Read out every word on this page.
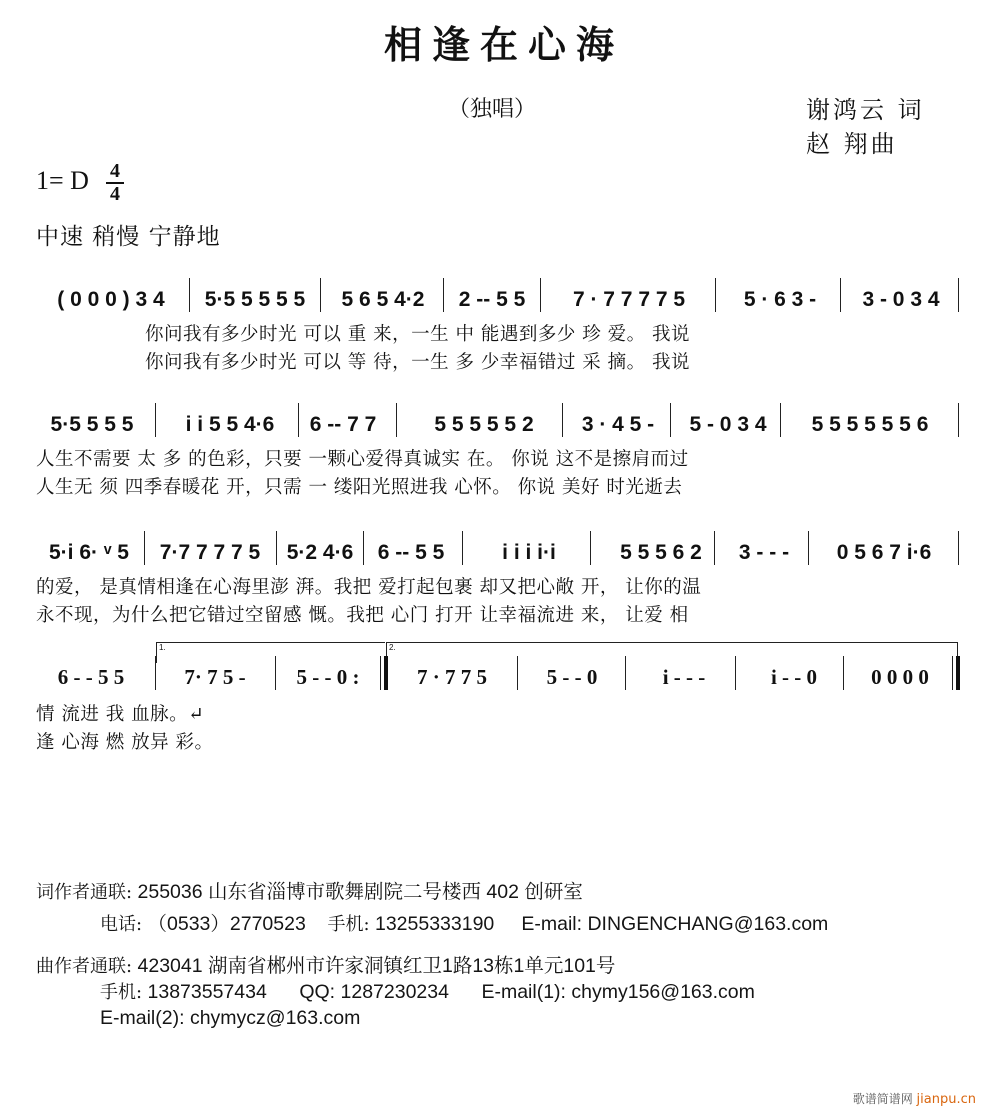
相逢在心海
（独唱）	谢鸿云 词
赵 翔曲
1= D 4
4
中速 稍慢 宁静地
( 0 0 0 ) 3 4	5·5 5 5 5 5	5 6 5 4·2	2 -- 5 5	7 · 7 7 7 7 5	5 · 6 3 -	3 - 0 3 4
你问我有多少时光 可以 重 来，一生 中 能遇到多少 珍 爱。 我说
你问我有多少时光 可以 等 待，一生 多 少幸福错过 采 摘。 我说
5·5 5 5 5	i i 5 5 4·6	6 -- 7 7	5 5 5 5 5 2	3 · 4 5 -	5 - 0 3 4	5 5 5 5 5 5 6
人生不需要 太 多 的色彩，只要 一颗心爱得真诚实 在。 你说 这不是擦肩而过
人生无 须 四季春暖花 开，只需 一 缕阳光照进我 心怀。 你说 美好 时光逝去
5·i 6· ᵛ 5	7·7 7 7 7 5	5·2 4·6	6 -- 5 5	i i i i·i	5 5 5 6 2	3 - - -	0 5 6 7 i·6
的爱， 是真情相逢在心海里澎 湃。我把 爱打起包裹 却又把心敞 开， 让你的温
永不现，为什么把它错过空留感 慨。我把 心门 打开 让幸福流进 来， 让爱 相
1.	2.
6 - - 5 5	7· 7 5 -	5 - - 0 :	7 · 7 7 5	5 - - 0	i - - -	i - - 0	0 0 0 0
情 流进 我 血脉。↵
逢 心海 燃 放异 彩。
词作者通联: 255036 山东省淄博市歌舞剧院二号楼西 402 创研室
电话: （0533）2770523 手机: 13255333190 E-mail: DINGENCHANG@163.com
曲作者通联: 423041 湖南省郴州市许家洞镇红卫1路13栋1单元101号
手机: 13873557434 QQ: 1287230234 E-mail(1): chymy156@163.com
E-mail(2): chymycz@163.com
歌谱简谱网 jianpu.cn
